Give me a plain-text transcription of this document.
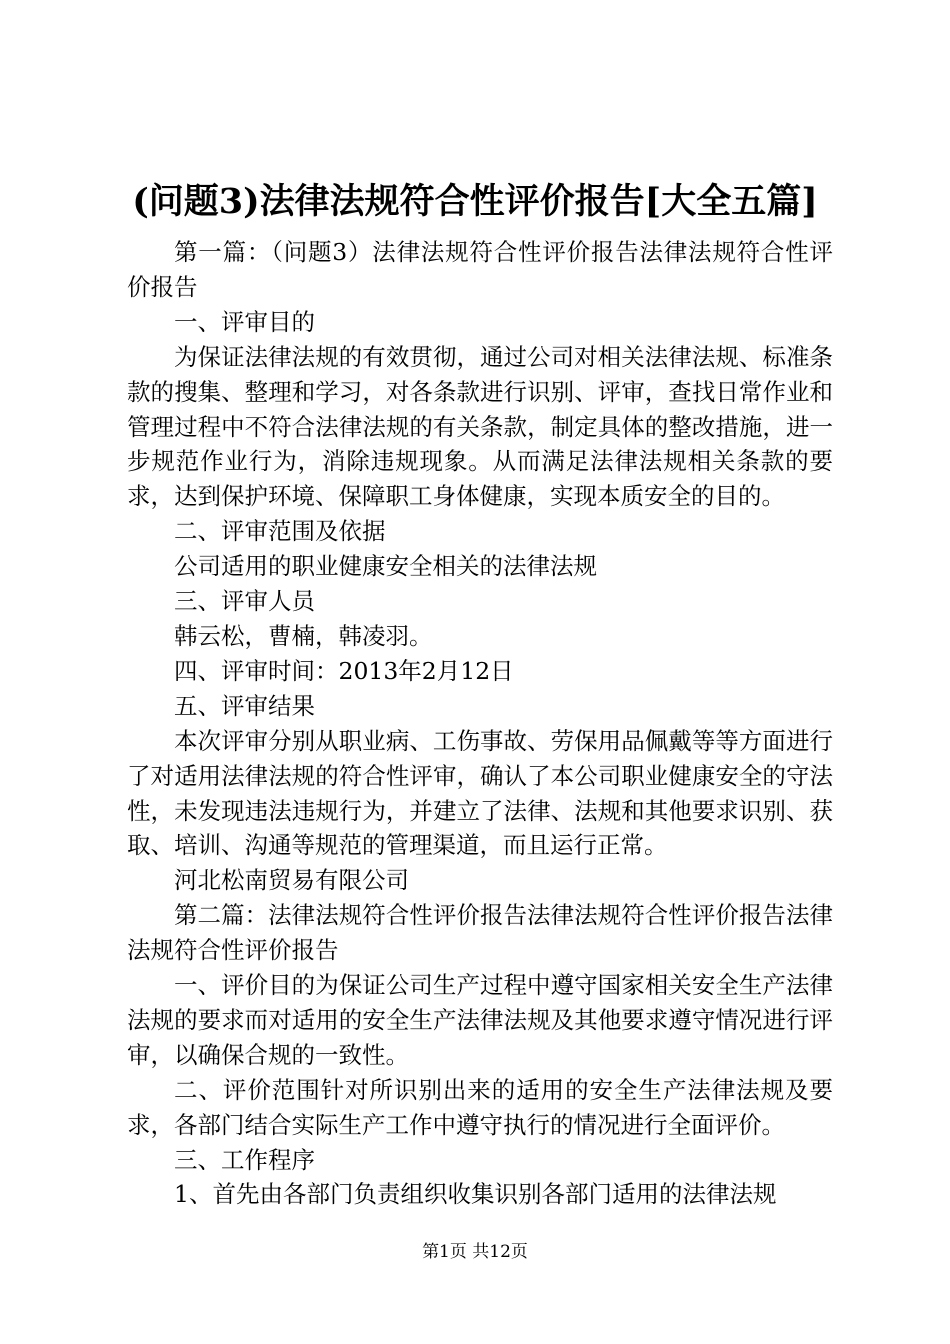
(问题3)法律法规符合性评价报告[大全五篇]

第一篇：（问题3）法律法规符合性评价报告法律法规符合性评价报告

一、评审目的

为保证法律法规的有效贯彻，通过公司对相关法律法规、标准条款的搜集、整理和学习，对各条款进行识别、评审，查找日常作业和管理过程中不符合法律法规的有关条款，制定具体的整改措施，进一步规范作业行为，消除违规现象。从而满足法律法规相关条款的要求，达到保护环境、保障职工身体健康，实现本质安全的目的。

二、评审范围及依据

公司适用的职业健康安全相关的法律法规

三、评审人员

韩云松，曹楠，韩凌羽。

四、评审时间：2013年2月12日

五、评审结果

本次评审分别从职业病、工伤事故、劳保用品佩戴等等方面进行了对适用法律法规的符合性评审，确认了本公司职业健康安全的守法性，未发现违法违规行为，并建立了法律、法规和其他要求识别、获取、培训、沟通等规范的管理渠道，而且运行正常。

河北松南贸易有限公司

第二篇：法律法规符合性评价报告法律法规符合性评价报告法律法规符合性评价报告

一、评价目的为保证公司生产过程中遵守国家相关安全生产法律法规的要求而对适用的安全生产法律法规及其他要求遵守情况进行评审，以确保合规的一致性。

二、评价范围针对所识别出来的适用的安全生产法律法规及要求，各部门结合实际生产工作中遵守执行的情况进行全面评价。

三、工作程序

1、首先由各部门负责组织收集识别各部门适用的法律法规

第1页 共12页
